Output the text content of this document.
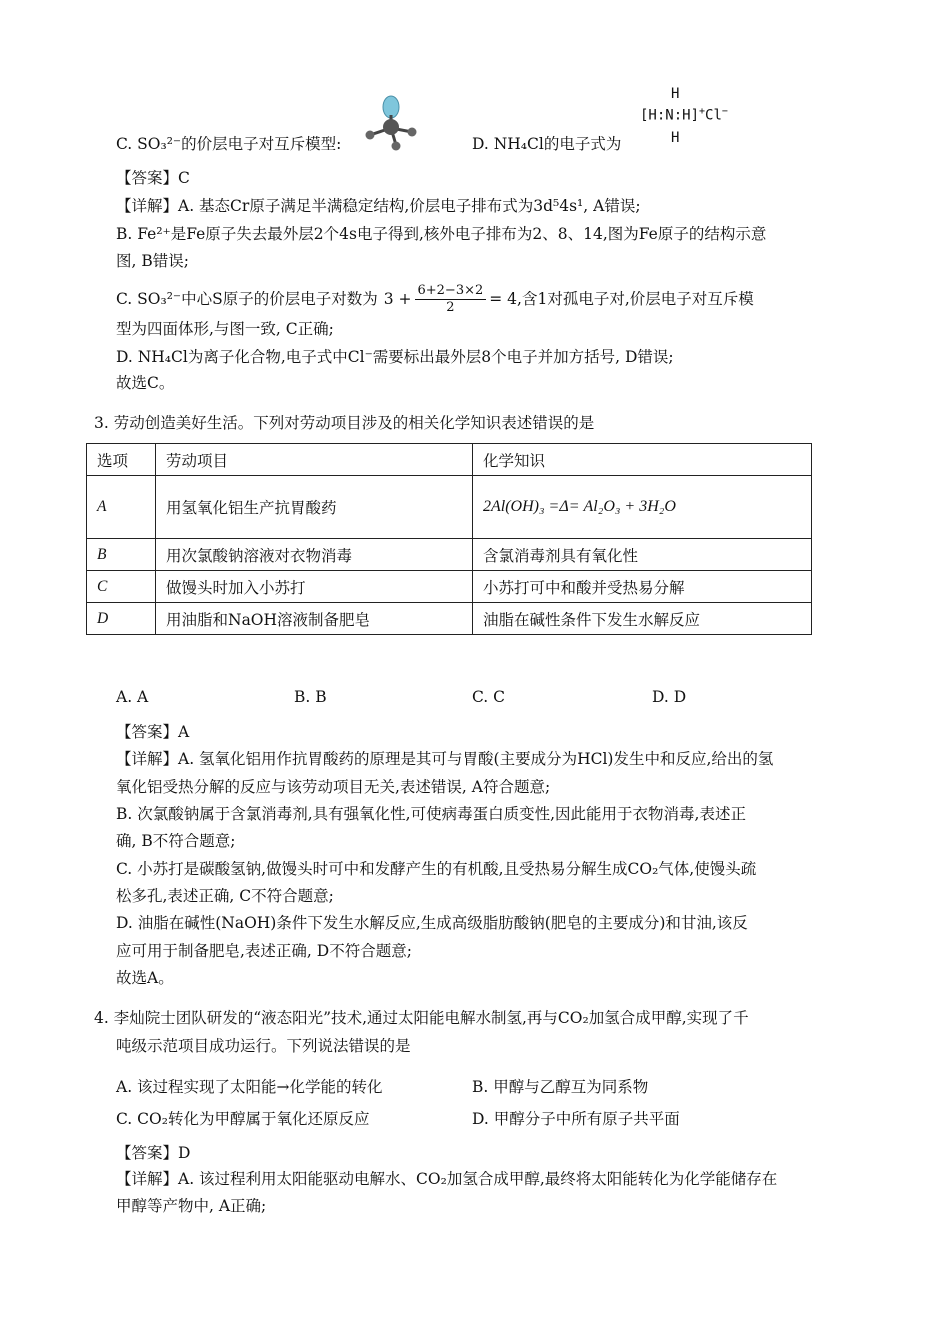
C. SO₃²⁻的价层电子对互斥模型:	D. NH₄Cl的电子式为
H
[H:N:H]+Cl−
H
【答案】C
【详解】A. 基态Cr原子满足半满稳定结构,价层电子排布式为3d⁵4s¹, A错误;
B. Fe²⁺是Fe原子失去最外层2个4s电子得到,核外电子排布为2、8、14,图为Fe原子的结构示意
图, B错误;
C. SO₃²⁻中心S原子的价层电子对数为 $3 + \frac{6+2-3\times 2}{2} = 4$,含1对孤电子对,价层电子对互斥模
型为四面体形,与图一致, C正确;
D. NH₄Cl为离子化合物,电子式中Cl⁻需要标出最外层8个电子并加方括号, D错误;
故选C。
3. 劳动创造美好生活。下列对劳动项目涉及的相关化学知识表述错误的是
选项	劳动项目	化学知识
A	用氢氧化铝生产抗胃酸药	2Al(OH)₃ =Δ= Al₂O₃ + 3H₂O
B	用次氯酸钠溶液对衣物消毒	含氯消毒剂具有氧化性
C	做馒头时加入小苏打	小苏打可中和酸并受热易分解
D	用油脂和NaOH溶液制备肥皂	油脂在碱性条件下发生水解反应
A. A	B. B	C. C	D. D
【答案】A
【详解】A. 氢氧化铝用作抗胃酸药的原理是其可与胃酸(主要成分为HCl)发生中和反应,给出的氢
氧化铝受热分解的反应与该劳动项目无关,表述错误, A符合题意;
B. 次氯酸钠属于含氯消毒剂,具有强氧化性,可使病毒蛋白质变性,因此能用于衣物消毒,表述正
确, B不符合题意;
C. 小苏打是碳酸氢钠,做馒头时可中和发酵产生的有机酸,且受热易分解生成CO₂气体,使馒头疏
松多孔,表述正确, C不符合题意;
D. 油脂在碱性(NaOH)条件下发生水解反应,生成高级脂肪酸钠(肥皂的主要成分)和甘油,该反
应可用于制备肥皂,表述正确, D不符合题意;
故选A。
4. 李灿院士团队研发的“液态阳光”技术,通过太阳能电解水制氢,再与CO₂加氢合成甲醇,实现了千
吨级示范项目成功运行。下列说法错误的是
A. 该过程实现了太阳能→化学能的转化	B. 甲醇与乙醇互为同系物
C. CO₂转化为甲醇属于氧化还原反应	D. 甲醇分子中所有原子共平面
【答案】D
【详解】A. 该过程利用太阳能驱动电解水、CO₂加氢合成甲醇,最终将太阳能转化为化学能储存在
甲醇等产物中, A正确;
